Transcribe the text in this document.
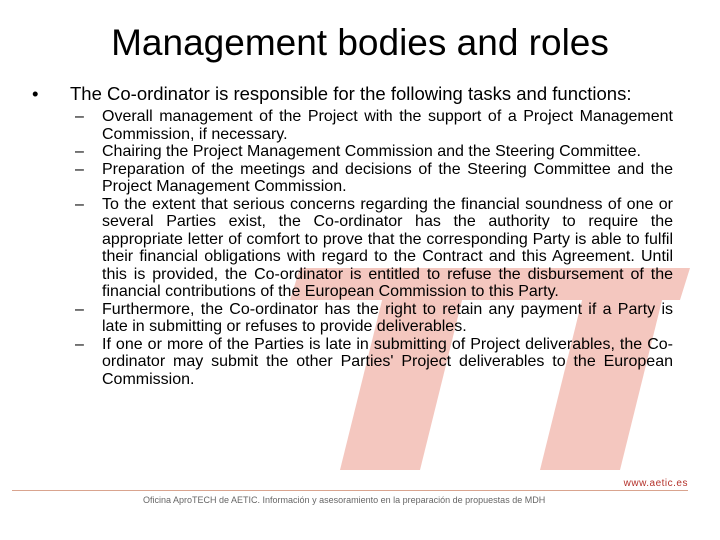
Management bodies and roles
•	The Co-ordinator is responsible for the following tasks and functions:
–	Overall management of the Project with the support of a Project Management Commission, if necessary.
–	Chairing the Project Management Commission and the Steering Committee.
–	Preparation of the meetings and decisions of the Steering Committee and the Project Management Commission.
–	To the extent that serious concerns regarding the financial soundness of one or several Parties exist, the Co-ordinator has the authority to require the appropriate letter of comfort to prove that the corresponding Party is able to fulfil their financial obligations with regard to the Contract and this Agreement. Until this is provided, the Co-ordinator is entitled to refuse the disbursement of the financial contributions of the European Commission to this Party.
–	Furthermore, the Co-ordinator has the right to retain any payment if a Party is late in submitting or refuses to provide deliverables.
–	If one or more of the Parties is late in submitting of Project deliverables, the Co-ordinator may submit the other Parties' Project deliverables to the European Commission.
www.aetic.es
Oficina AproTECH de AETIC. Información y asesoramiento en la preparación de propuestas de MDH
